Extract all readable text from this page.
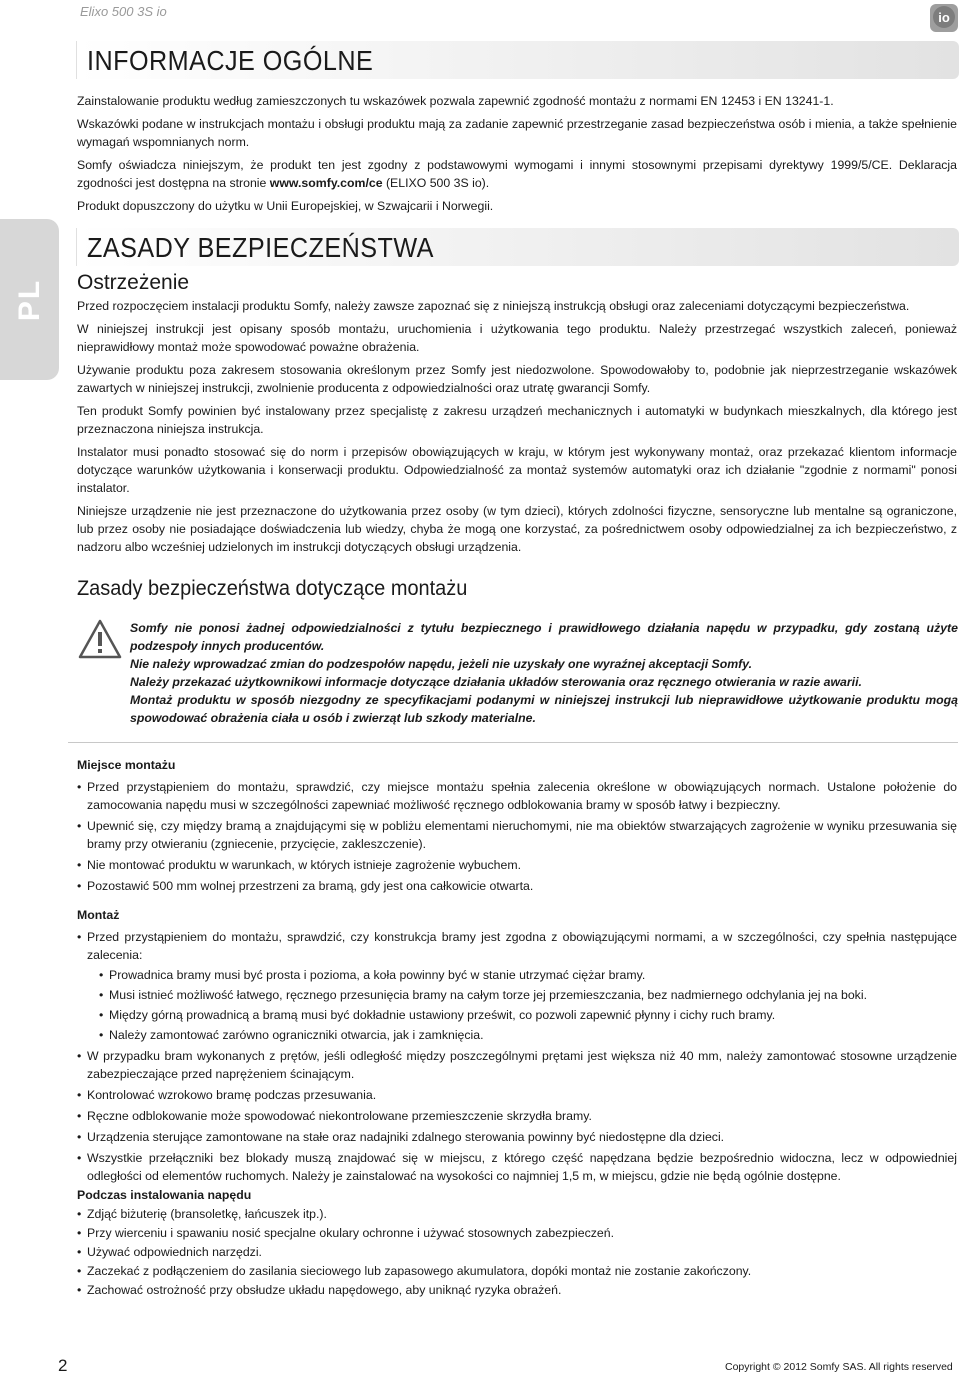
Elixo 500 3S io	io
PL
INFORMACJE OGÓLNE

Zainstalowanie produktu według zamieszczonych tu wskazówek pozwala zapewnić zgodność montażu z normami EN 12453 i EN 13241-1.

Wskazówki podane w instrukcjach montażu i obsługi produktu mają za zadanie zapewnić przestrzeganie zasad bezpieczeństwa osób i mienia, a także spełnienie wymagań wspomnianych norm.

Somfy oświadcza niniejszym, że produkt ten jest zgodny z podstawowymi wymogami i innymi stosownymi przepisami dyrektywy 1999/5/CE. Deklaracja zgodności jest dostępna na stronie www.somfy.com/ce (ELIXO 500 3S io).

Produkt dopuszczony do użytku w Unii Europejskiej, w Szwajcarii i Norwegii.

ZASADY BEZPIECZEŃSTWA
Ostrzeżenie

Przed rozpoczęciem instalacji produktu Somfy, należy zawsze zapoznać się z niniejszą instrukcją obsługi oraz zaleceniami dotyczącymi bezpieczeństwa.

W niniejszej instrukcji jest opisany sposób montażu, uruchomienia i użytkowania tego produktu. Należy przestrzegać wszystkich zaleceń, ponieważ nieprawidłowy montaż może spowodować poważne obrażenia.

Używanie produktu poza zakresem stosowania określonym przez Somfy jest niedozwolone. Spowodowałoby to, podobnie jak nieprzestrzeganie wskazówek zawartych w niniejszej instrukcji, zwolnienie producenta z odpowiedzialności oraz utratę gwarancji Somfy.

Ten produkt Somfy powinien być instalowany przez specjalistę z zakresu urządzeń mechanicznych i automatyki w budynkach mieszkalnych, dla którego jest przeznaczona niniejsza instrukcja.

Instalator musi ponadto stosować się do norm i przepisów obowiązujących w kraju, w którym jest wykonywany montaż, oraz przekazać klientom informacje dotyczące warunków użytkowania i konserwacji produktu. Odpowiedzialność za montaż systemów automatyki oraz ich działanie "zgodnie z normami" ponosi instalator.

Niniejsze urządzenie nie jest przeznaczone do użytkowania przez osoby (w tym dzieci), których zdolności fizyczne, sensoryczne lub mentalne są ograniczone, lub przez osoby nie posiadające doświadczenia lub wiedzy, chyba że mogą one korzystać, za pośrednictwem osoby odpowiedzialnej za ich bezpieczeństwo, z nadzoru albo wcześniej udzielonych im instrukcji dotyczących obsługi urządzenia.

Zasady bezpieczeństwa dotyczące montażu

Somfy nie ponosi żadnej odpowiedzialności z tytułu bezpiecznego i prawidłowego działania napędu w przypadku, gdy zostaną użyte podzespoły innych producentów.

Nie należy wprowadzać zmian do podzespołów napędu, jeżeli nie uzyskały one wyraźnej akceptacji Somfy.

Należy przekazać użytkownikowi informacje dotyczące działania układów sterowania oraz ręcznego otwierania w razie awarii.

Montaż produktu w sposób niezgodny ze specyfikacjami podanymi w niniejszej instrukcji lub nieprawidłowe użytkowanie produktu mogą spowodować obrażenia ciała u osób i zwierząt lub szkody materialne.

Miejsce montażu
• Przed przystąpieniem do montażu, sprawdzić, czy miejsce montażu spełnia zalecenia określone w obowiązujących normach. Ustalone położenie do zamocowania napędu musi w szczególności zapewniać możliwość ręcznego odblokowania bramy w sposób łatwy i bezpieczny.
• Upewnić się, czy między bramą a znajdującymi się w pobliżu elementami nieruchomymi, nie ma obiektów stwarzających zagrożenie w wyniku przesuwania się bramy przy otwieraniu (zgniecenie, przycięcie, zakleszczenie).
• Nie montować produktu w warunkach, w których istnieje zagrożenie wybuchem.
• Pozostawić 500 mm wolnej przestrzeni za bramą, gdy jest ona całkowicie otwarta.
Montaż
• Przed przystąpieniem do montażu, sprawdzić, czy konstrukcja bramy jest zgodna z obowiązującymi normami, a w szczególności, czy spełnia następujące zalecenia:
• Prowadnica bramy musi być prosta i pozioma, a koła powinny być w stanie utrzymać ciężar bramy.
• Musi istnieć możliwość łatwego, ręcznego przesunięcia bramy na całym torze jej przemieszczania, bez nadmiernego odchylania jej na boki.
• Między górną prowadnicą a bramą musi być dokładnie ustawiony prześwit, co pozwoli zapewnić płynny i cichy ruch bramy.
• Należy zamontować zarówno ograniczniki otwarcia, jak i zamknięcia.
• W przypadku bram wykonanych z prętów, jeśli odległość między poszczególnymi prętami jest większa niż 40 mm, należy zamontować stosowne urządzenie zabezpieczające przed naprężeniem ścinającym.
• Kontrolować wzrokowo bramę podczas przesuwania.
• Ręczne odblokowanie może spowodować niekontrolowane przemieszczenie skrzydła bramy.
• Urządzenia sterujące zamontowane na stałe oraz nadajniki zdalnego sterowania powinny być niedostępne dla dzieci.
• Wszystkie przełączniki bez blokady muszą znajdować się w miejscu, z którego część napędzana będzie bezpośrednio widoczna, lecz w odpowiedniej odległości od elementów ruchomych. Należy je zainstalować na wysokości co najmniej 1,5 m, w miejscu, gdzie nie będą ogólnie dostępne.
Podczas instalowania napędu
• Zdjąć biżuterię (bransoletkę, łańcuszek itp.).
• Przy wierceniu i spawaniu nosić specjalne okulary ochronne i używać stosownych zabezpieczeń.
• Używać odpowiednich narzędzi.
• Zaczekać z podłączeniem do zasilania sieciowego lub zapasowego akumulatora, dopóki montaż nie zostanie zakończony.
• Zachować ostrożność przy obsłudze układu napędowego, aby uniknąć ryzyka obrażeń.
2	Copyright © 2012 Somfy SAS. All rights reserved
